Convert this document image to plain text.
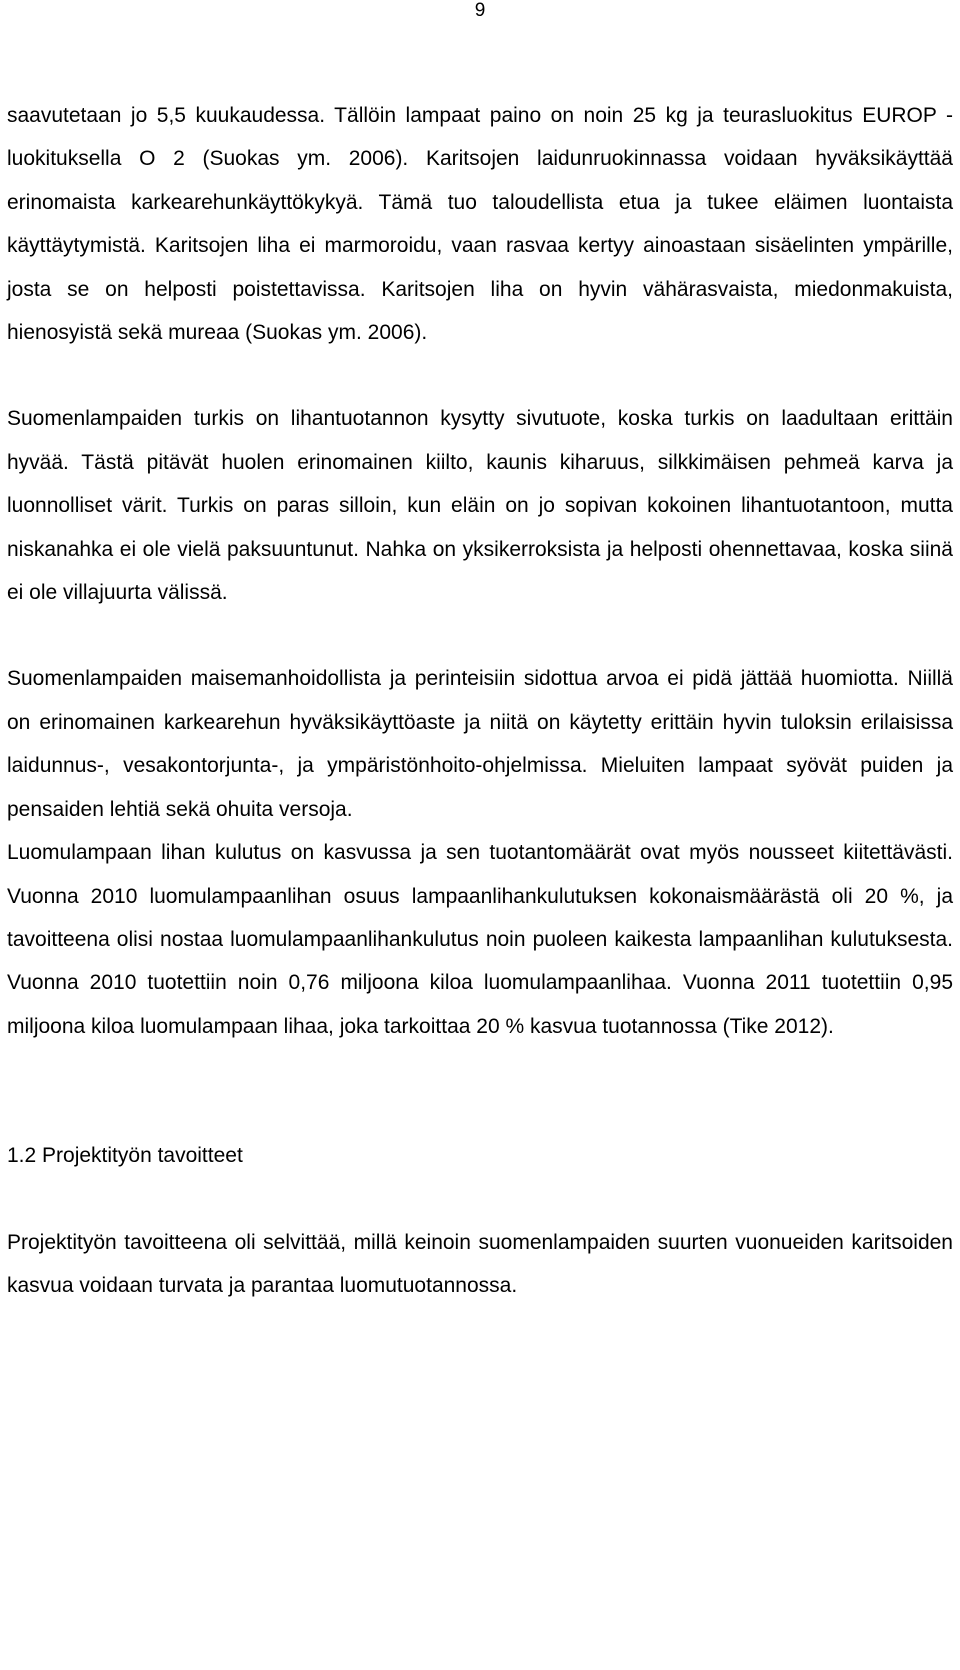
9

saavutetaan jo 5,5 kuukaudessa. Tällöin lampaat paino on noin 25 kg ja teurasluokitus EUROP -luokituksella O 2 (Suokas ym. 2006). Karitsojen laidunruokinnassa voidaan hyväksikäyttää erinomaista karkearehunkäyttökykyä. Tämä tuo taloudellista etua ja tukee eläimen luontaista käyttäytymistä. Karitsojen liha ei marmoroidu, vaan rasvaa kertyy ainoastaan sisäelinten ympärille, josta se on helposti poistettavissa. Karitsojen liha on hyvin vähärasvaista, miedonmakuista, hienosyistä sekä mureaa (Suokas ym. 2006).

Suomenlampaiden turkis on lihantuotannon kysytty sivutuote, koska turkis on laadultaan erittäin hyvää. Tästä pitävät huolen erinomainen kiilto, kaunis kiharuus, silkkimäisen pehmeä karva ja luonnolliset värit. Turkis on paras silloin, kun eläin on jo sopivan kokoinen lihantuotantoon, mutta niskanahka ei ole vielä paksuuntunut. Nahka on yksikerroksista ja helposti ohennettavaa, koska siinä ei ole villajuurta välissä.

Suomenlampaiden maisemanhoidollista ja perinteisiin sidottua arvoa ei pidä jättää huomiotta. Niillä on erinomainen karkearehun hyväksikäyttöaste ja niitä on käytetty erittäin hyvin tuloksin erilaisissa laidunnus-, vesakontorjunta-, ja ympäristönhoito-ohjelmissa. Mieluiten lampaat syövät puiden ja pensaiden lehtiä sekä ohuita versoja.

Luomulampaan lihan kulutus on kasvussa ja sen tuotantomäärät ovat myös nousseet kiitettävästi. Vuonna 2010 luomulampaanlihan osuus lampaanlihankulutuksen kokonaismäärästä oli 20 %, ja tavoitteena olisi nostaa luomulampaanlihankulutus noin puoleen kaikesta lampaanlihan kulutuksesta. Vuonna 2010 tuotettiin noin 0,76 miljoona kiloa luomulampaanlihaa. Vuonna 2011 tuotettiin 0,95 miljoona kiloa luomulampaan lihaa, joka tarkoittaa 20 % kasvua tuotannossa (Tike 2012).

1.2 Projektityön tavoitteet

Projektityön tavoitteena oli selvittää, millä keinoin suomenlampaiden suurten vuonueiden karitsoiden kasvua voidaan turvata ja parantaa luomutuotannossa.
